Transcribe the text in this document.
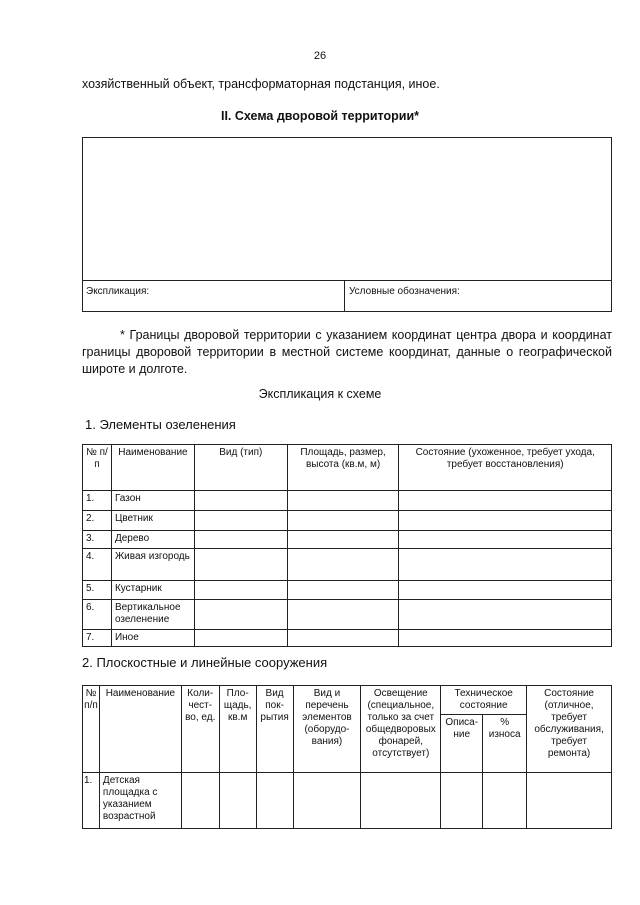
26
хозяйственный объект, трансформаторная подстанция, иное.
II. Схема дворовой территории*
Экспликация:	Условные обозначения:
* Границы дворовой территории с указанием координат центра двора и координат границы дворовой территории в местной системе координат, данные о географической широте и долготе.
Экспликация к схеме
1. Элементы озеленения
№ п/п	Наименование	Вид (тип)	Площадь, размер, высота (кв.м, м)	Состояние (ухоженное, требует ухода, требует восстановления)
1.	Газон			
2.	Цветник			
3.	Дерево			
4.	Живая изгородь			
5.	Кустарник			
6.	Вертикальное озеленение			
7.	Иное			
2. Плоскостные и линейные сооружения
№ п/п	Наименование	Коли-чест-во, ед.	Пло-щадь, кв.м	Вид пок-рытия	Вид и перечень элементов (оборудо-вания)	Освещение (специальное, только за счет общедворовых фонарей, отсутствует)	Техническое состояние		Состояние (отличное, требует обслуживания, требует ремонта)
							Описа-ние	% износа	
1.	Детская площадка с указанием возрастной								
